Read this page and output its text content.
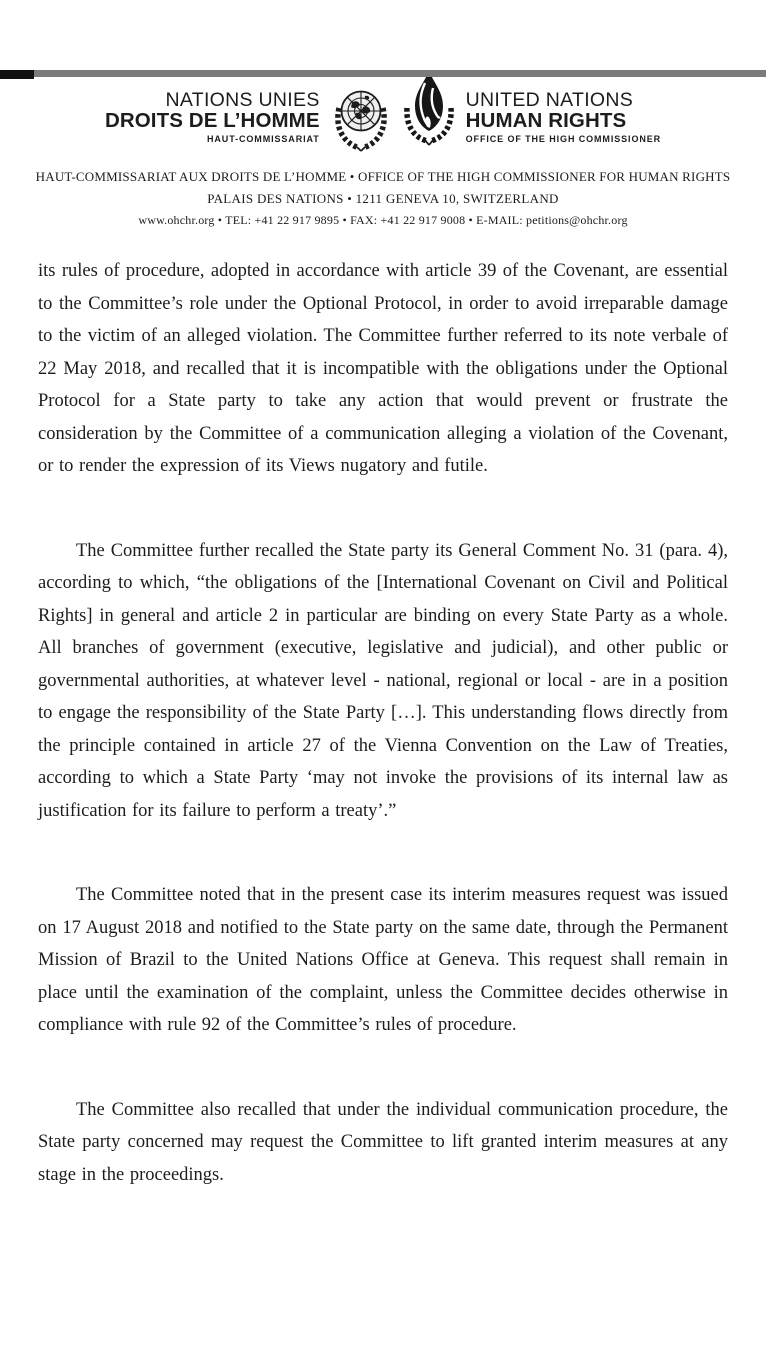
NATIONS UNIES
DROITS DE L’HOMME
HAUT-COMMISSARIAT
UNITED NATIONS
HUMAN RIGHTS
OFFICE OF THE HIGH COMMISSIONER
HAUT-COMMISSARIAT AUX DROITS DE L’HOMME • OFFICE OF THE HIGH COMMISSIONER FOR HUMAN RIGHTS
PALAIS DES NATIONS • 1211 GENEVA 10, SWITZERLAND
www.ohchr.org • TEL: +41 22 917 9895 • FAX: +41 22 917 9008 • E-MAIL: petitions@ohchr.org

its rules of procedure, adopted in accordance with article 39 of the Covenant, are essential to the Committee’s role under the Optional Protocol, in order to avoid irreparable damage to the victim of an alleged violation. The Committee further referred to its note verbale of 22 May 2018, and recalled that it is incompatible with the obligations under the Optional Protocol for a State party to take any action that would prevent or frustrate the consideration by the Committee of a communication alleging a violation of the Covenant, or to render the expression of its Views nugatory and futile.

The Committee further recalled the State party its General Comment No. 31 (para. 4), according to which, “the obligations of the [International Covenant on Civil and Political Rights] in general and article 2 in particular are binding on every State Party as a whole. All branches of government (executive, legislative and judicial), and other public or governmental authorities, at whatever level - national, regional or local - are in a position to engage the responsibility of the State Party […]. This understanding flows directly from the principle contained in article 27 of the Vienna Convention on the Law of Treaties, according to which a State Party ‘may not invoke the provisions of its internal law as justification for its failure to perform a treaty’.”

The Committee noted that in the present case its interim measures request was issued on 17 August 2018 and notified to the State party on the same date, through the Permanent Mission of Brazil to the United Nations Office at Geneva. This request shall remain in place until the examination of the complaint, unless the Committee decides otherwise in compliance with rule 92 of the Committee’s rules of procedure.

The Committee also recalled that under the individual communication procedure, the State party concerned may request the Committee to lift granted interim measures at any stage in the proceedings.
